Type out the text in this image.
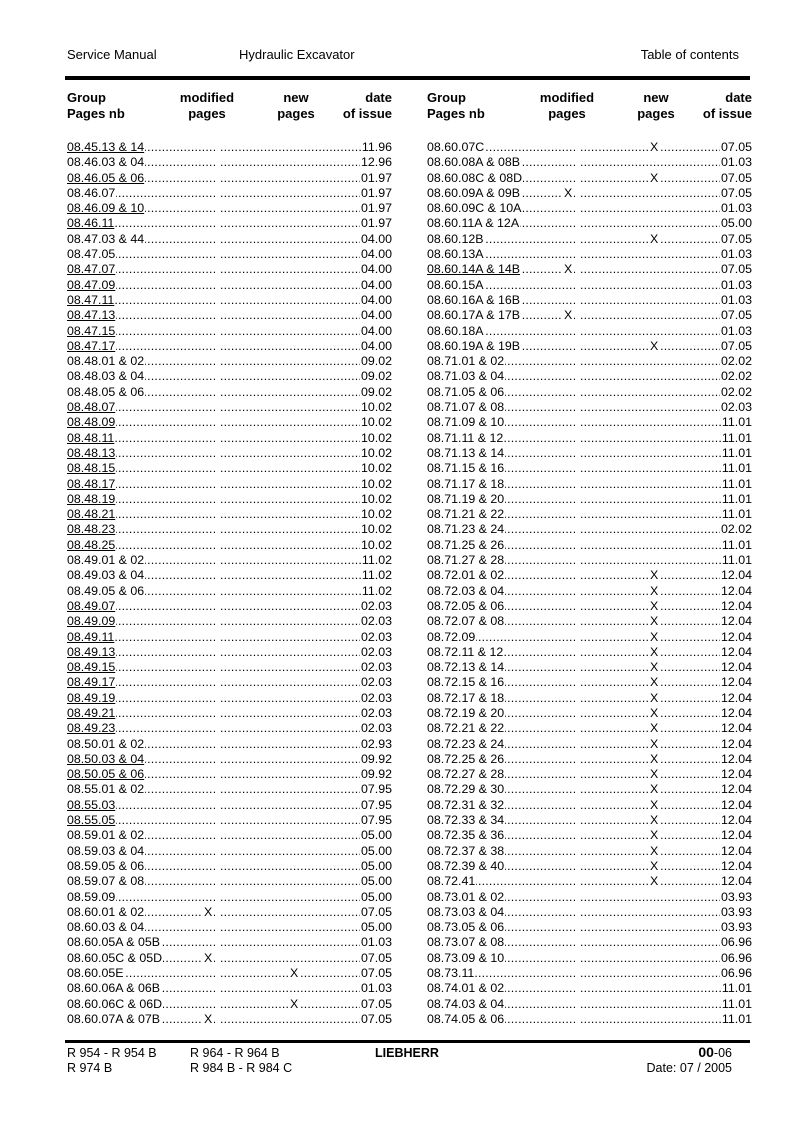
Service Manual	Hydraulic Excavator	Table of contents
Group
Pages nb
modified
pages
new
pages
date
of issue
.....
08.45.13 & 14	11.96
.....
08.46.03 & 04	12.96
.....
08.46.05 & 06	01.97
.....
08.46.07	01.97
.....
08.46.09 & 10	01.97
.....
08.46.11	01.97
.....
08.47.03 & 44	04.00
.....
08.47.05	04.00
.....
08.47.07	04.00
.....
08.47.09	04.00
.....
08.47.11	04.00
.....
08.47.13	04.00
.....
08.47.15	04.00
.....
08.47.17	04.00
.....
08.48.01 & 02	09.02
.....
08.48.03 & 04	09.02
.....
08.48.05 & 06	09.02
.....
08.48.07	10.02
.....
08.48.09	10.02
.....
08.48.11	10.02
.....
08.48.13	10.02
.....
08.48.15	10.02
.....
08.48.17	10.02
.....
08.48.19	10.02
.....
08.48.21	10.02
.....
08.48.23	10.02
.....
08.48.25	10.02
.....
08.49.01 & 02	11.02
.....
08.49.03 & 04	11.02
.....
08.49.05 & 06	11.02
.....
08.49.07	02.03
.....
08.49.09	02.03
.....
08.49.11	02.03
.....
08.49.13	02.03
.....
08.49.15	02.03
.....
08.49.17	02.03
.....
08.49.19	02.03
.....
08.49.21	02.03
.....
08.49.23	02.03
.....
08.50.01 & 02	02.93
.....
08.50.03 & 04	09.92
.....
08.50.05 & 06	09.92
.....
08.55.01 & 02	07.95
.....
08.55.03	07.95
.....
08.55.05	07.95
.....
08.59.01 & 02	05.00
.....
08.59.03 & 04	05.00
.....
08.59.05 & 06	05.00
.....
08.59.07 & 08	05.00
.....
08.59.09	05.00
.....
08.60.01 & 02	X	07.05
.....
08.60.03 & 04	05.00
.....
08.60.05A & 05B	01.03
.....
08.60.05C & 05D	X	07.05
.....
08.60.05E	X	07.05
.....
08.60.06A & 06B	01.03
.....
08.60.06C & 06D	X	07.05
.....
08.60.07A & 07B	X	07.05
Group
Pages nb
modified
pages
new
pages
date
of issue
.....
08.60.07C	X	07.05
.....
08.60.08A & 08B	01.03
.....
08.60.08C & 08D	X	07.05
.....
08.60.09A & 09B	X	07.05
.....
08.60.09C & 10A	01.03
.....
08.60.11A & 12A	05.00
.....
08.60.12B	X	07.05
.....
08.60.13A	01.03
.....
08.60.14A & 14B	X	07.05
.....
08.60.15A	01.03
.....
08.60.16A & 16B	01.03
.....
08.60.17A & 17B	X	07.05
.....
08.60.18A	01.03
.....
08.60.19A & 19B	X	07.05
.....
08.71.01 & 02	02.02
.....
08.71.03 & 04	02.02
.....
08.71.05 & 06	02.02
.....
08.71.07 & 08	02.03
.....
08.71.09 & 10	11.01
.....
08.71.11 & 12	11.01
.....
08.71.13 & 14	11.01
.....
08.71.15 & 16	11.01
.....
08.71.17 & 18	11.01
.....
08.71.19 & 20	11.01
.....
08.71.21 & 22	11.01
.....
08.71.23 & 24	02.02
.....
08.71.25 & 26	11.01
.....
08.71.27 & 28	11.01
.....
08.72.01 & 02	X	12.04
.....
08.72.03 & 04	X	12.04
.....
08.72.05 & 06	X	12.04
.....
08.72.07 & 08	X	12.04
.....
08.72.09	X	12.04
.....
08.72.11 & 12	X	12.04
.....
08.72.13 & 14	X	12.04
.....
08.72.15 & 16	X	12.04
.....
08.72.17 & 18	X	12.04
.....
08.72.19 & 20	X	12.04
.....
08.72.21 & 22	X	12.04
.....
08.72.23 & 24	X	12.04
.....
08.72.25 & 26	X	12.04
.....
08.72.27 & 28	X	12.04
.....
08.72.29 & 30	X	12.04
.....
08.72.31 & 32	X	12.04
.....
08.72.33 & 34	X	12.04
.....
08.72.35 & 36	X	12.04
.....
08.72.37 & 38	X	12.04
.....
08.72.39 & 40	X	12.04
.....
08.72.41	X	12.04
.....
08.73.01 & 02	03.93
.....
08.73.03 & 04	03.93
.....
08.73.05 & 06	03.93
.....
08.73.07 & 08	06.96
.....
08.73.09 & 10	06.96
.....
08.73.11	06.96
.....
08.74.01 & 02	11.01
.....
08.74.03 & 04	11.01
.....
08.74.05 & 06	11.01
R 954 - R 954 B
R 974 B
R 964 - R 964 B
R 984 B - R 984 C
LIEBHERR	00-06
Date: 07 / 2005
